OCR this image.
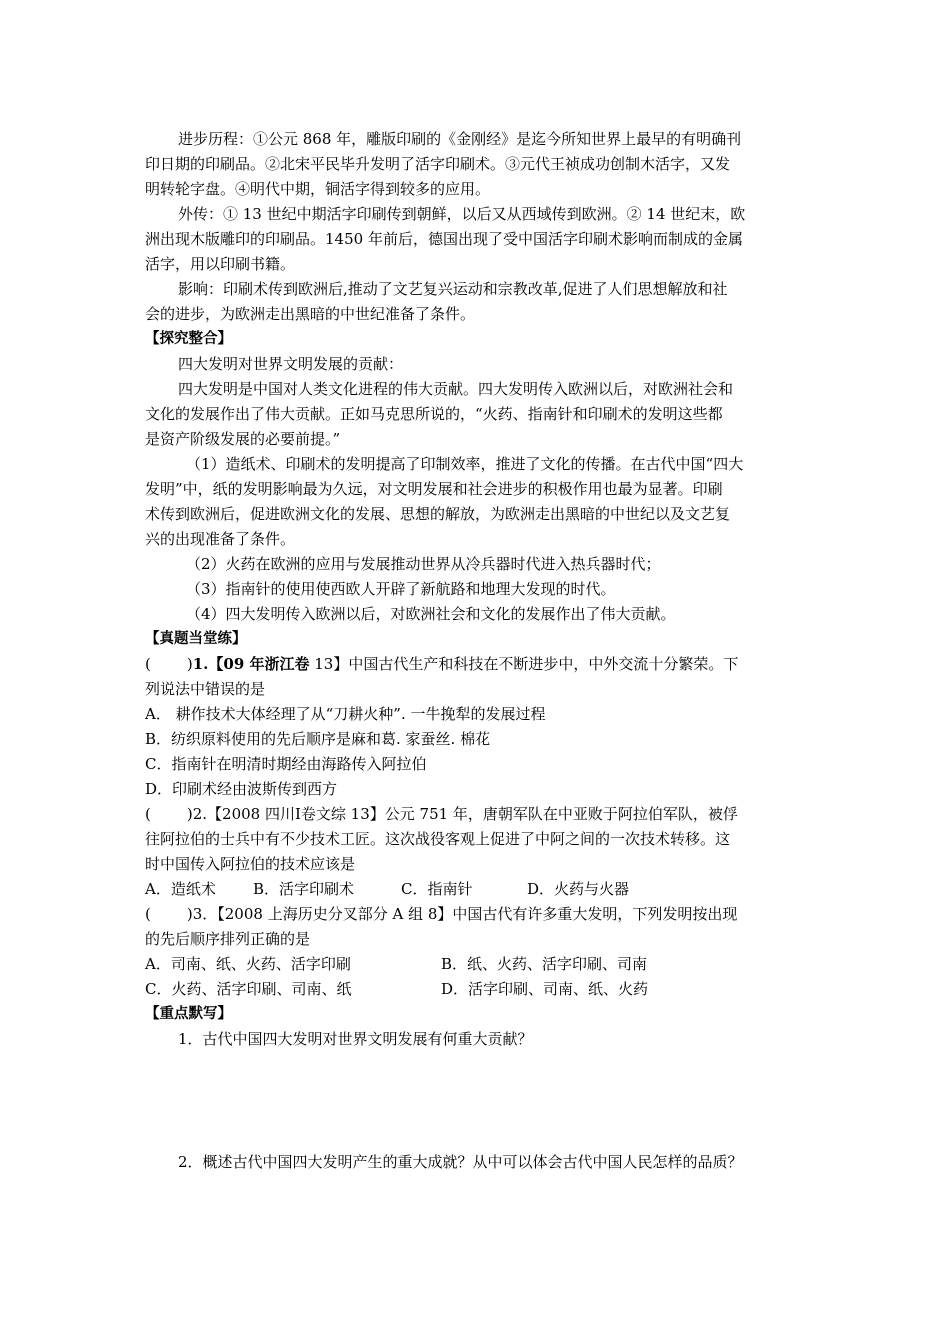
进步历程：①公元 868 年，雕版印刷的《金刚经》是迄今所知世界上最早的有明确刊
印日期的印刷品。②北宋平民毕升发明了活字印刷术。③元代王祯成功创制木活字，又发
明转轮字盘。④明代中期，铜活字得到较多的应用。
外传：① 13 世纪中期活字印刷传到朝鲜，以后又从西域传到欧洲。② 14 世纪末，欧
洲出现木版雕印的印刷品。1450 年前后，德国出现了受中国活字印刷术影响而制成的金属
活字，用以印刷书籍。
影响：印刷术传到欧洲后,推动了文艺复兴运动和宗教改革,促进了人们思想解放和社
会的进步，为欧洲走出黑暗的中世纪准备了条件。
【探究整合】
四大发明对世界文明发展的贡献：
四大发明是中国对人类文化进程的伟大贡献。四大发明传入欧洲以后，对欧洲社会和
文化的发展作出了伟大贡献。正如马克思所说的，“火药、指南针和印刷术的发明这些都
是资产阶级发展的必要前提。”
（1）造纸术、印刷术的发明提高了印制效率，推进了文化的传播。在古代中国“四大
发明”中，纸的发明影响最为久远，对文明发展和社会进步的积极作用也最为显著。印刷
术传到欧洲后，促进欧洲文化的发展、思想的解放，为欧洲走出黑暗的中世纪以及文艺复
兴的出现准备了条件。
（2）火药在欧洲的应用与发展推动世界从冷兵器时代进入热兵器时代；
（3）指南针的使用使西欧人开辟了新航路和地理大发现的时代。
（4）四大发明传入欧洲以后，对欧洲社会和文化的发展作出了伟大贡献。
【真题当堂练】
( )1.【09 年浙江卷 13】中国古代生产和科技在不断进步中，中外交流十分繁荣。下
列说法中错误的是
A． 耕作技术大体经理了从“刀耕火种”. 一牛挽犁的发展过程
B．纺织原料使用的先后顺序是麻和葛. 家蚕丝. 棉花
C．指南针在明清时期经由海路传入阿拉伯
D．印刷术经由波斯传到西方
( )2.【2008 四川Ⅰ卷文综 13】公元 751 年，唐朝军队在中亚败于阿拉伯军队，被俘
往阿拉伯的士兵中有不少技术工匠。这次战役客观上促进了中阿之间的一次技术转移。这
时中国传入阿拉伯的技术应该是
A．造纸术 B．活字印刷术	C．指南针	D．火药与火器
( )3．【2008 上海历史分叉部分 A 组 8】中国古代有许多重大发明，下列发明按出现
的先后顺序排列正确的是
A．司南、纸、火药、活字印刷	B．纸、火药、活字印刷、司南
C．火药、活字印刷、司南、纸	D．活字印刷、司南、纸、火药
【重点默写】
1．古代中国四大发明对世界文明发展有何重大贡献？
2．概述古代中国四大发明产生的重大成就？从中可以体会古代中国人民怎样的品质？
